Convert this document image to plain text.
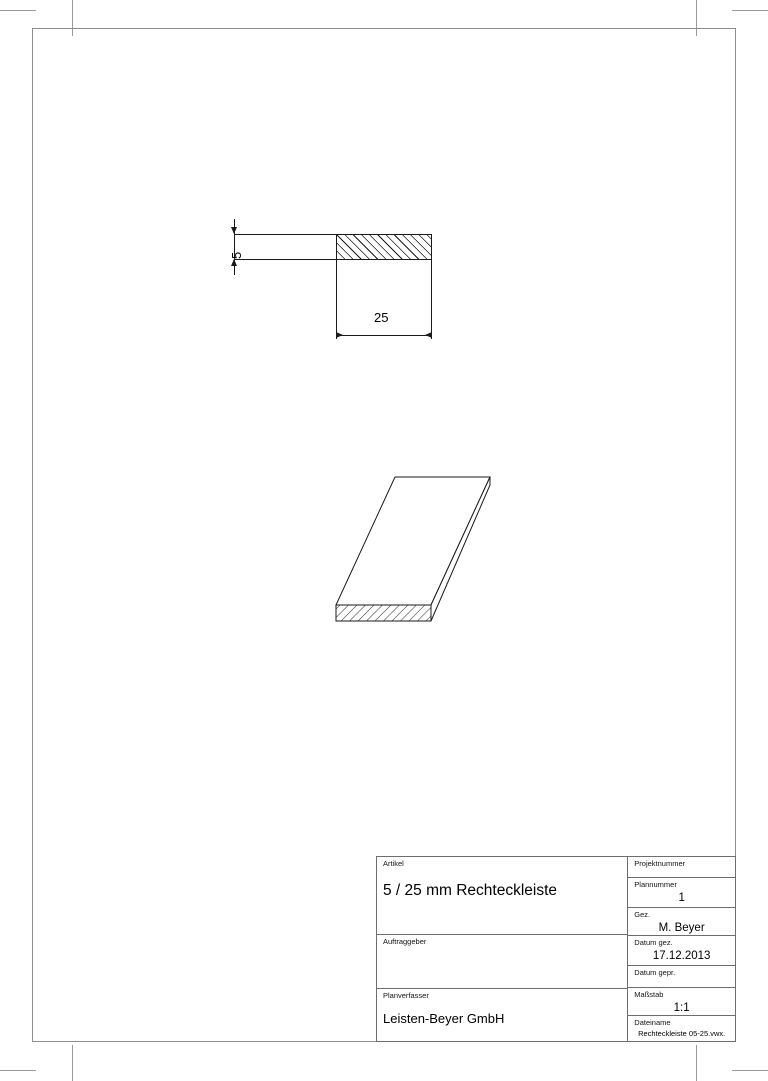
5
25
Artikel
5 / 25 mm Rechteckleiste
Auftraggeber
Planverfasser
Leisten-Beyer GmbH
Projektnummer
Plannummer
1
Gez.
M. Beyer
Datum gez.
17.12.2013
Datum gepr.
Maßstab
1:1
Dateiname
Rechteckleiste 05-25.vwx.
